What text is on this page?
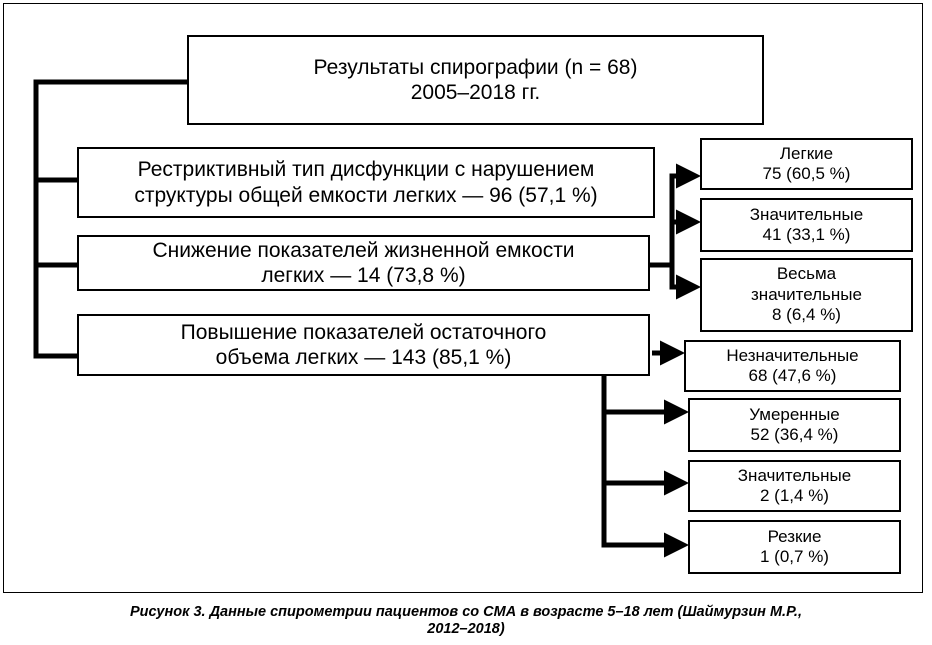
Результаты спирографии (n = 68)
2005–2018 гг.
Рестриктивный тип дисфункции с нарушением
структуры общей емкости легких — 96 (57,1 %)
Снижение показателей жизненной емкости
легких — 14 (73,8 %)
Повышение показателей остаточного
объема легких — 143 (85,1 %)
Легкие
75 (60,5 %)
Значительные
41 (33,1 %)
Весьма
значительные
8 (6,4 %)
Незначительные
68 (47,6 %)
Умеренные
52 (36,4 %)
Значительные
2 (1,4 %)
Резкие
1 (0,7 %)
Рисунок 3. Данные спирометрии пациентов со СМА в возрасте 5–18 лет (Шаймурзин М.Р.,
2012–2018)
